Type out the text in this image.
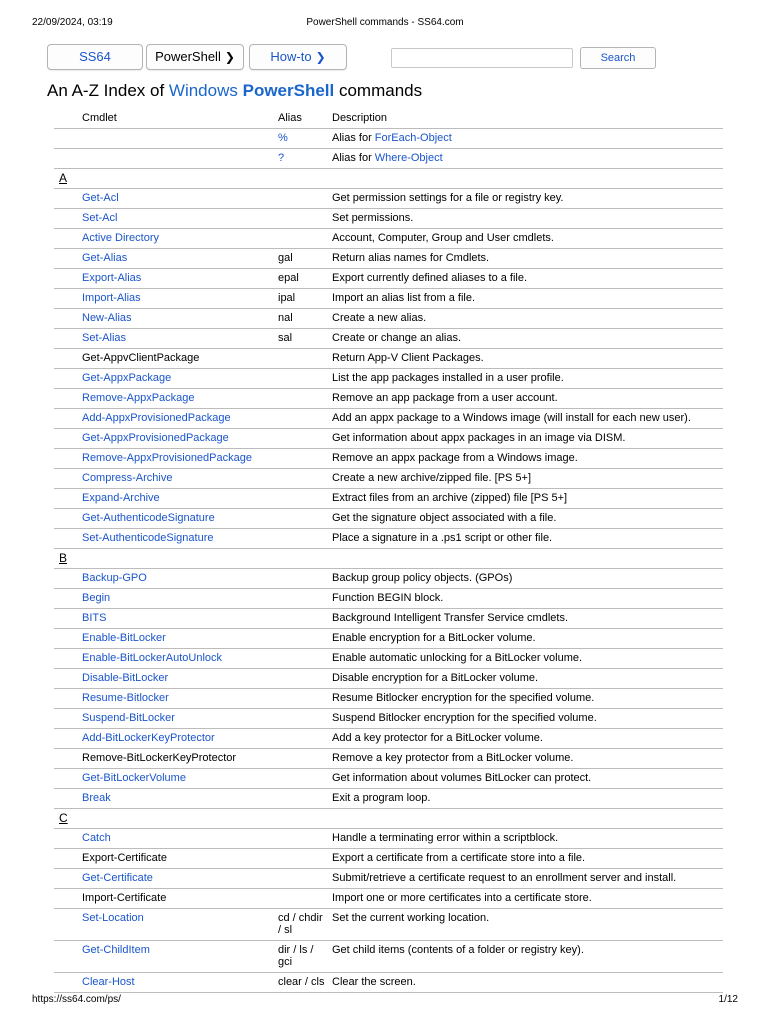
22/09/2024, 03:19	PowerShell commands - SS64.com
SS64	PowerShell ❯	How-to ❯	Search
An A-Z Index of Windows PowerShell commands
Cmdlet	Alias	Description
	%	Alias for ForEach-Object
	?	Alias for Where-Object
A		
Get-Acl		Get permission settings for a file or registry key.
Set-Acl		Set permissions.
Active Directory		Account, Computer, Group and User cmdlets.
Get-Alias	gal	Return alias names for Cmdlets.
Export-Alias	epal	Export currently defined aliases to a file.
Import-Alias	ipal	Import an alias list from a file.
New-Alias	nal	Create a new alias.
Set-Alias	sal	Create or change an alias.
Get-AppvClientPackage		Return App-V Client Packages.
Get-AppxPackage		List the app packages installed in a user profile.
Remove-AppxPackage		Remove an app package from a user account.
Add-AppxProvisionedPackage		Add an appx package to a Windows image (will install for each new user).
Get-AppxProvisionedPackage		Get information about appx packages in an image via DISM.
Remove-AppxProvisionedPackage		Remove an appx package from a Windows image.
Compress-Archive		Create a new archive/zipped file. [PS 5+]
Expand-Archive		Extract files from an archive (zipped) file [PS 5+]
Get-AuthenticodeSignature		Get the signature object associated with a file.
Set-AuthenticodeSignature		Place a signature in a .ps1 script or other file.
B		
Backup-GPO		Backup group policy objects. (GPOs)
Begin		Function BEGIN block.
BITS		Background Intelligent Transfer Service cmdlets.
Enable-BitLocker		Enable encryption for a BitLocker volume.
Enable-BitLockerAutoUnlock		Enable automatic unlocking for a BitLocker volume.
Disable-BitLocker		Disable encryption for a BitLocker volume.
Resume-Bitlocker		Resume Bitlocker encryption for the specified volume.
Suspend-BitLocker		Suspend Bitlocker encryption for the specified volume.
Add-BitLockerKeyProtector		Add a key protector for a BitLocker volume.
Remove-BitLockerKeyProtector		Remove a key protector from a BitLocker volume.
Get-BitLockerVolume		Get information about volumes BitLocker can protect.
Break		Exit a program loop.
C		
Catch		Handle a terminating error within a scriptblock.
Export-Certificate		Export a certificate from a certificate store into a file.
Get-Certificate		Submit/retrieve a certificate request to an enrollment server and install.
Import-Certificate		Import one or more certificates into a certificate store.
Set-Location	cd / chdir / sl	Set the current working location.
Get-ChildItem	dir / ls / gci	Get child items (contents of a folder or registry key).
Clear-Host	clear / cls	Clear the screen.
https://ss64.com/ps/	1/12
